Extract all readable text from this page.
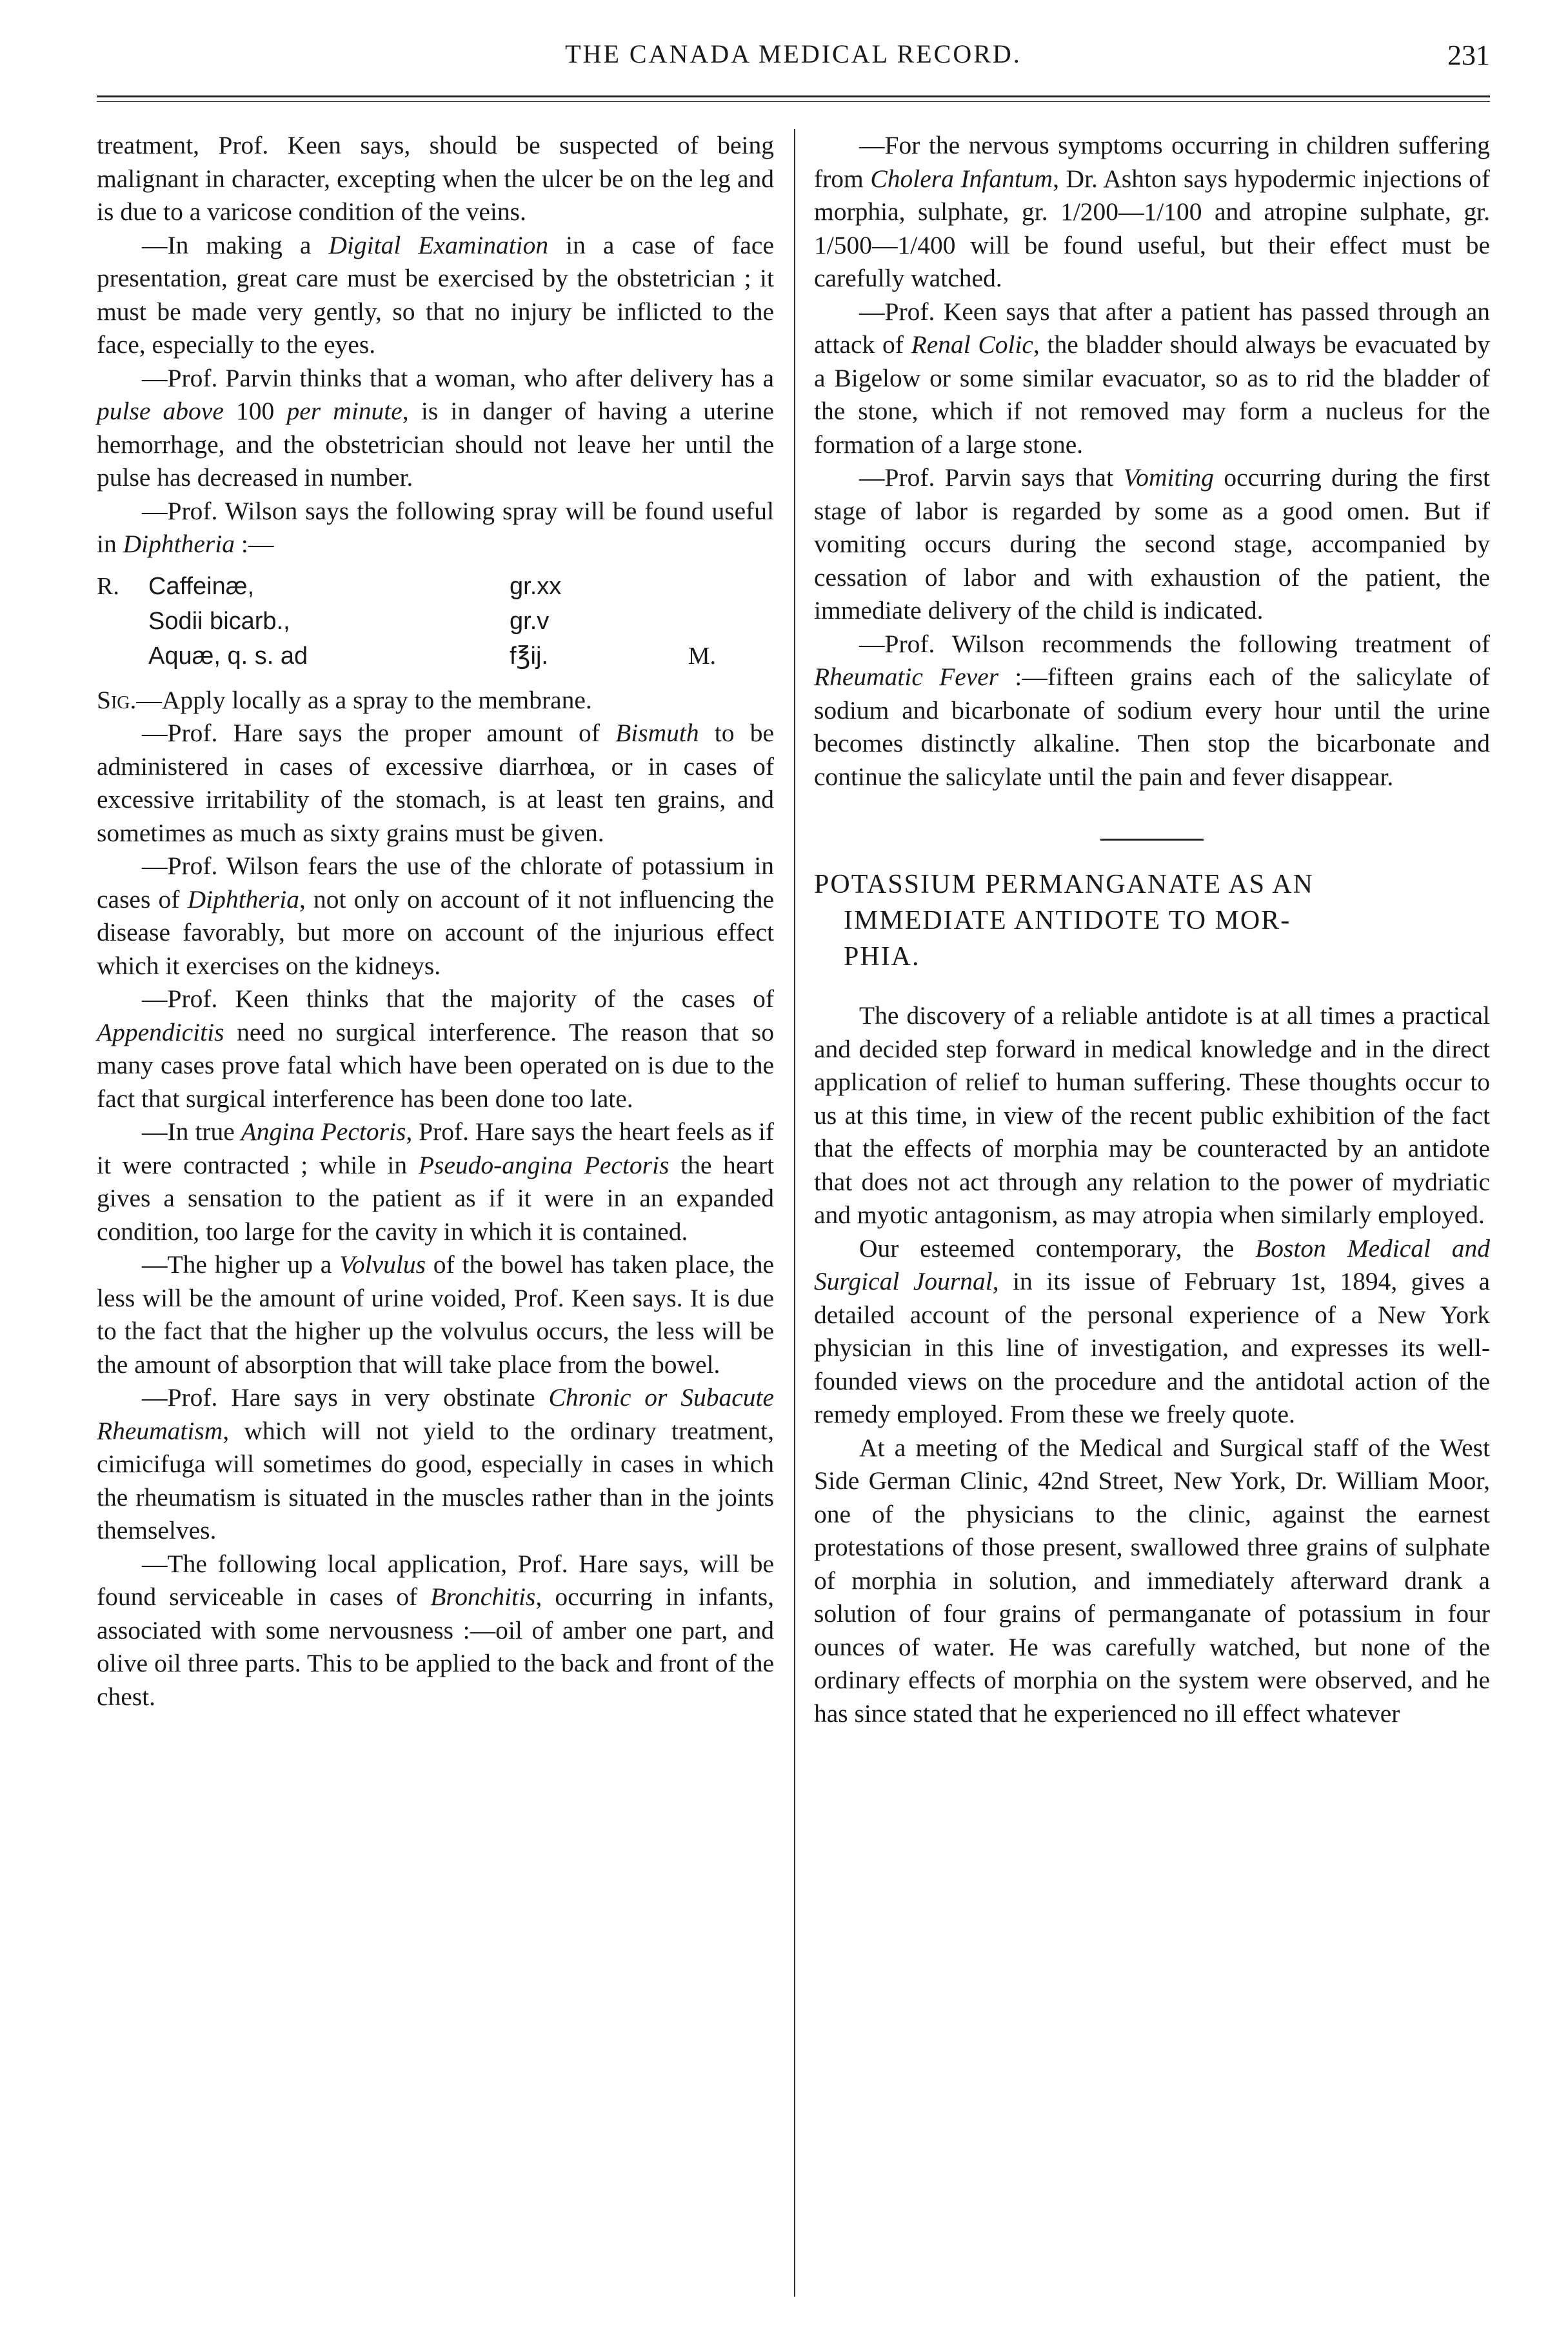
THE CANADA MEDICAL RECORD.	231

treatment, Prof. Keen says, should be suspected of being malignant in character, excepting when the ulcer be on the leg and is due to a varicose condition of the veins.

—In making a Digital Examination in a case of face presentation, great care must be exercised by the obstetrician ; it must be made very gently, so that no injury be inflicted to the face, especially to the eyes.

—Prof. Parvin thinks that a woman, who after delivery has a pulse above 100 per minute, is in danger of having a uterine hemorrhage, and the obstetrician should not leave her until the pulse has decreased in number.

—Prof. Wilson says the following spray will be found useful in Diphtheria :—

R.	Caffeinæ,	gr.xx
Sodii bicarb.,	gr.v
Aquæ, q. s. ad	f℥ij.	M.

Sig.—Apply locally as a spray to the membrane.

—Prof. Hare says the proper amount of Bismuth to be administered in cases of excessive diarrhœa, or in cases of excessive irritability of the stomach, is at least ten grains, and sometimes as much as sixty grains must be given.

—Prof. Wilson fears the use of the chlorate of potassium in cases of Diphtheria, not only on account of it not influencing the disease favorably, but more on account of the injurious effect which it exercises on the kidneys.

—Prof. Keen thinks that the majority of the cases of Appendicitis need no surgical interference. The reason that so many cases prove fatal which have been operated on is due to the fact that surgical interference has been done too late.

—In true Angina Pectoris, Prof. Hare says the heart feels as if it were contracted ; while in Pseudo-angina Pectoris the heart gives a sensation to the patient as if it were in an expanded condition, too large for the cavity in which it is contained.

—The higher up a Volvulus of the bowel has taken place, the less will be the amount of urine voided, Prof. Keen says. It is due to the fact that the higher up the volvulus occurs, the less will be the amount of absorption that will take place from the bowel.

—Prof. Hare says in very obstinate Chronic or Subacute Rheumatism, which will not yield to the ordinary treatment, cimicifuga will sometimes do good, especially in cases in which the rheumatism is situated in the muscles rather than in the joints themselves.

—The following local application, Prof. Hare says, will be found serviceable in cases of Bronchitis, occurring in infants, associated with some nervousness :—oil of amber one part, and olive oil three parts. This to be applied to the back and front of the chest.

—For the nervous symptoms occurring in children suffering from Cholera Infantum, Dr. Ashton says hypodermic injections of morphia, sulphate, gr. 1/200—1/100 and atropine sulphate, gr. 1/500—1/400 will be found useful, but their effect must be carefully watched.

—Prof. Keen says that after a patient has passed through an attack of Renal Colic, the bladder should always be evacuated by a Bigelow or some similar evacuator, so as to rid the bladder of the stone, which if not removed may form a nucleus for the formation of a large stone.

—Prof. Parvin says that Vomiting occurring during the first stage of labor is regarded by some as a good omen. But if vomiting occurs during the second stage, accompanied by cessation of labor and with exhaustion of the patient, the immediate delivery of the child is indicated.

—Prof. Wilson recommends the following treatment of Rheumatic Fever :—fifteen grains each of the salicylate of sodium and bicarbonate of sodium every hour until the urine becomes distinctly alkaline. Then stop the bicarbonate and continue the salicylate until the pain and fever disappear.

POTASSIUM PERMANGANATE AS AN
IMMEDIATE ANTIDOTE TO MOR-
PHIA.

The discovery of a reliable antidote is at all times a practical and decided step forward in medical knowledge and in the direct application of relief to human suffering. These thoughts occur to us at this time, in view of the recent public exhibition of the fact that the effects of morphia may be counteracted by an antidote that does not act through any relation to the power of mydriatic and myotic antagonism, as may atropia when similarly employed.

Our esteemed contemporary, the Boston Medical and Surgical Journal, in its issue of February 1st, 1894, gives a detailed account of the personal experience of a New York physician in this line of investigation, and expresses its well-founded views on the procedure and the antidotal action of the remedy employed. From these we freely quote.

At a meeting of the Medical and Surgical staff of the West Side German Clinic, 42nd Street, New York, Dr. William Moor, one of the physicians to the clinic, against the earnest protestations of those present, swallowed three grains of sulphate of morphia in solution, and immediately afterward drank a solution of four grains of permanganate of potassium in four ounces of water. He was carefully watched, but none of the ordinary effects of morphia on the system were observed, and he has since stated that he experienced no ill effect whatever
